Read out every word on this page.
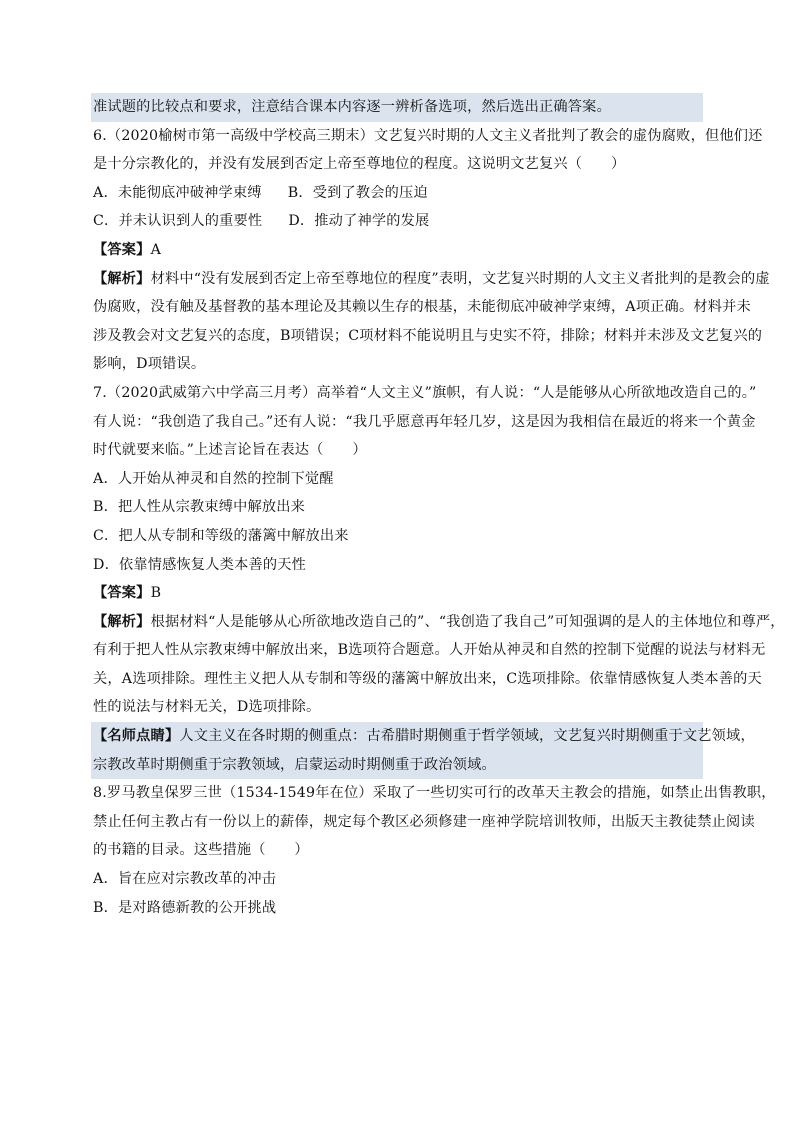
准试题的比较点和要求，注意结合课本内容逐一辨析备选项，然后选出正确答案。
6.（2020榆树市第一高级中学校高三期末）文艺复兴时期的人文主义者批判了教会的虚伪腐败，但他们还
是十分宗教化的，并没有发展到否定上帝至尊地位的程度。这说明文艺复兴（　　）
A．未能彻底冲破神学束缚 B．受到了教会的压迫
C．并未认识到人的重要性 D．推动了神学的发展
【答案】A
【解析】材料中“没有发展到否定上帝至尊地位的程度”表明，文艺复兴时期的人文主义者批判的是教会的虚
伪腐败，没有触及基督教的基本理论及其赖以生存的根基，未能彻底冲破神学束缚，A项正确。材料并未
涉及教会对文艺复兴的态度，B项错误；C项材料不能说明且与史实不符，排除；材料并未涉及文艺复兴的
影响，D项错误。
7.（2020武威第六中学高三月考）高举着“人文主义”旗帜，有人说：“人是能够从心所欲地改造自己的。”
有人说：“我创造了我自己。”还有人说：“我几乎愿意再年轻几岁，这是因为我相信在最近的将来一个黄金
时代就要来临。”上述言论旨在表达（　　）
A．人开始从神灵和自然的控制下觉醒
B．把人性从宗教束缚中解放出来
C．把人从专制和等级的藩篱中解放出来
D．依靠情感恢复人类本善的天性
【答案】B
【解析】根据材料“人是能够从心所欲地改造自己的”、“我创造了我自己”可知强调的是人的主体地位和尊严，
有利于把人性从宗教束缚中解放出来，B选项符合题意。人开始从神灵和自然的控制下觉醒的说法与材料无
关，A选项排除。理性主义把人从专制和等级的藩篱中解放出来，C选项排除。依靠情感恢复人类本善的天
性的说法与材料无关，D选项排除。
【名师点睛】人文主义在各时期的侧重点：古希腊时期侧重于哲学领域，文艺复兴时期侧重于文艺领域，
宗教改革时期侧重于宗教领域，启蒙运动时期侧重于政治领域。
8.罗马教皇保罗三世（1534-1549年在位）采取了一些切实可行的改革天主教会的措施，如禁止出售教职，
禁止任何主教占有一份以上的薪俸，规定每个教区必须修建一座神学院培训牧师，出版天主教徒禁止阅读
的书籍的目录。这些措施（　　）
A．旨在应对宗教改革的冲击
B．是对路德新教的公开挑战
